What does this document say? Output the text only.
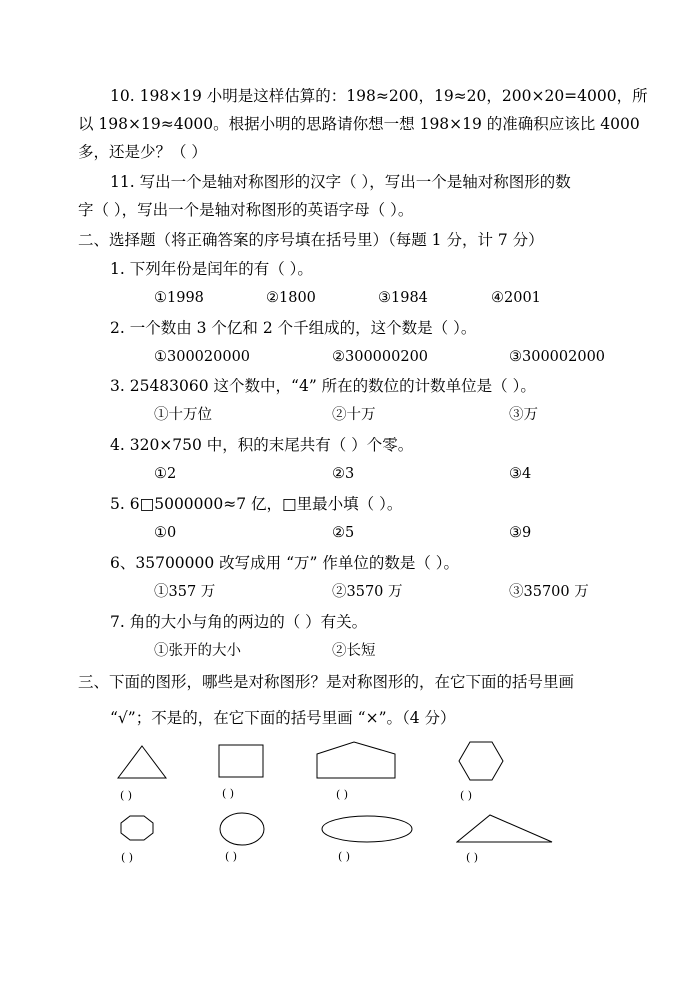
10. 198×19 小明是这样估算的：198≈200，19≈20，200×20=4000，所
以 198×19≈4000。根据小明的思路请你想一想 198×19 的准确积应该比 4000
多，还是少？（ ）
11. 写出一个是轴对称图形的汉字（ ），写出一个是轴对称图形的数
字（ ），写出一个是轴对称图形的英语字母（ ）。
二、选择题（将正确答案的序号填在括号里）（每题 1 分，计 7 分）
1. 下列年份是闰年的有（ ）。
①1998	②1800	③1984	④2001
2. 一个数由 3 个亿和 2 个千组成的，这个数是（ ）。
①300020000	②300000200	③300002000
3. 25483060 这个数中，“4” 所在的数位的计数单位是（ ）。
①十万位	②十万	③万
4. 320×750 中，积的末尾共有（ ）个零。
①2	②3	③4
5. 6□5000000≈7 亿，□里最小填（ ）。
①0	②5	③9
6、35700000 改写成用 “万” 作单位的数是（ ）。
①357 万	②3570 万	③35700 万
7. 角的大小与角的两边的（ ）有关。
①张开的大小	②长短
三、下面的图形，哪些是对称图形？是对称图形的，在它下面的括号里画
“√”；不是的，在它下面的括号里画 “×”。（4 分）
( )	( )	( )	( )
( )	( )	( )	( )
